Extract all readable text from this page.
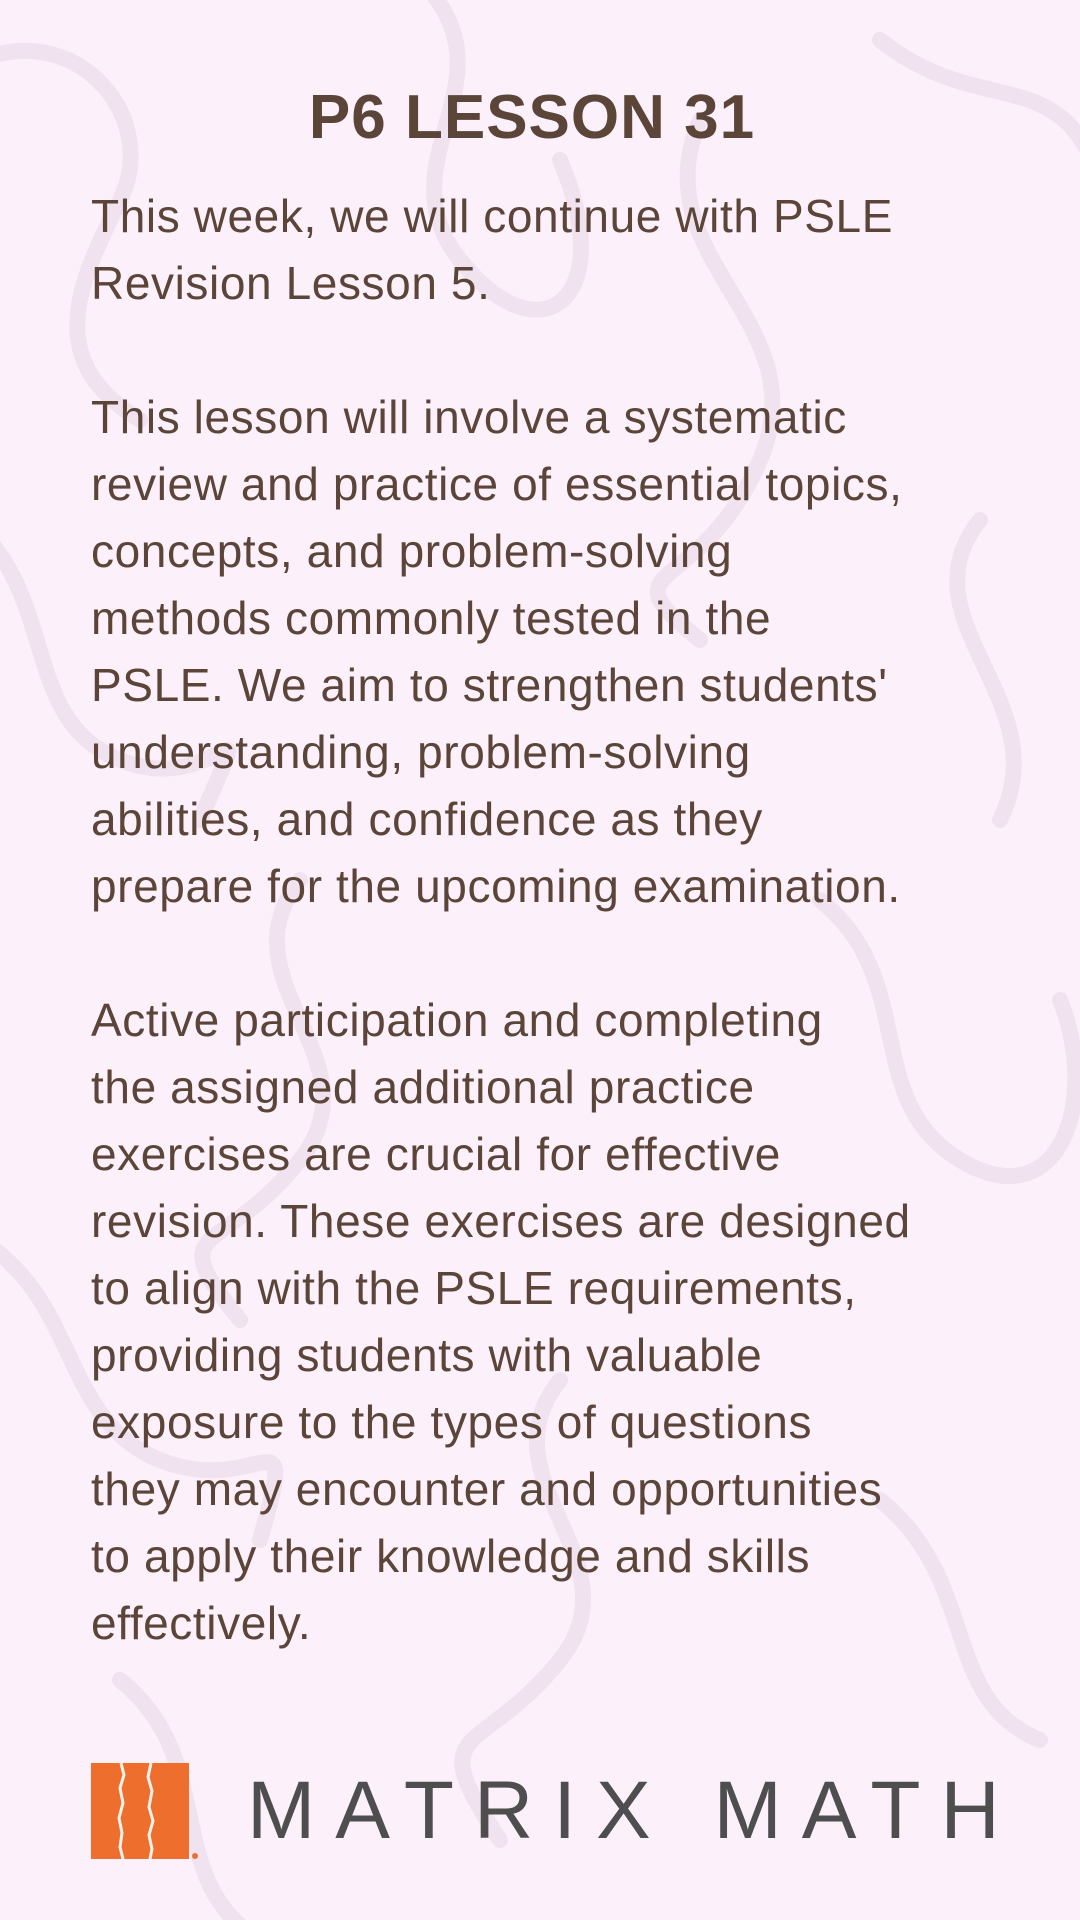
P6 LESSON 31

This week, we will continue with PSLE
Revision Lesson 5.

This lesson will involve a systematic
review and practice of essential topics,
concepts, and problem-solving
methods commonly tested in the
PSLE. We aim to strengthen students'
understanding, problem-solving
abilities, and confidence as they
prepare for the upcoming examination.

Active participation and completing
the assigned additional practice
exercises are crucial for effective
revision. These exercises are designed
to align with the PSLE requirements,
providing students with valuable
exposure to the types of questions
they may encounter and opportunities
to apply their knowledge and skills
effectively.

MATRIX MATH
